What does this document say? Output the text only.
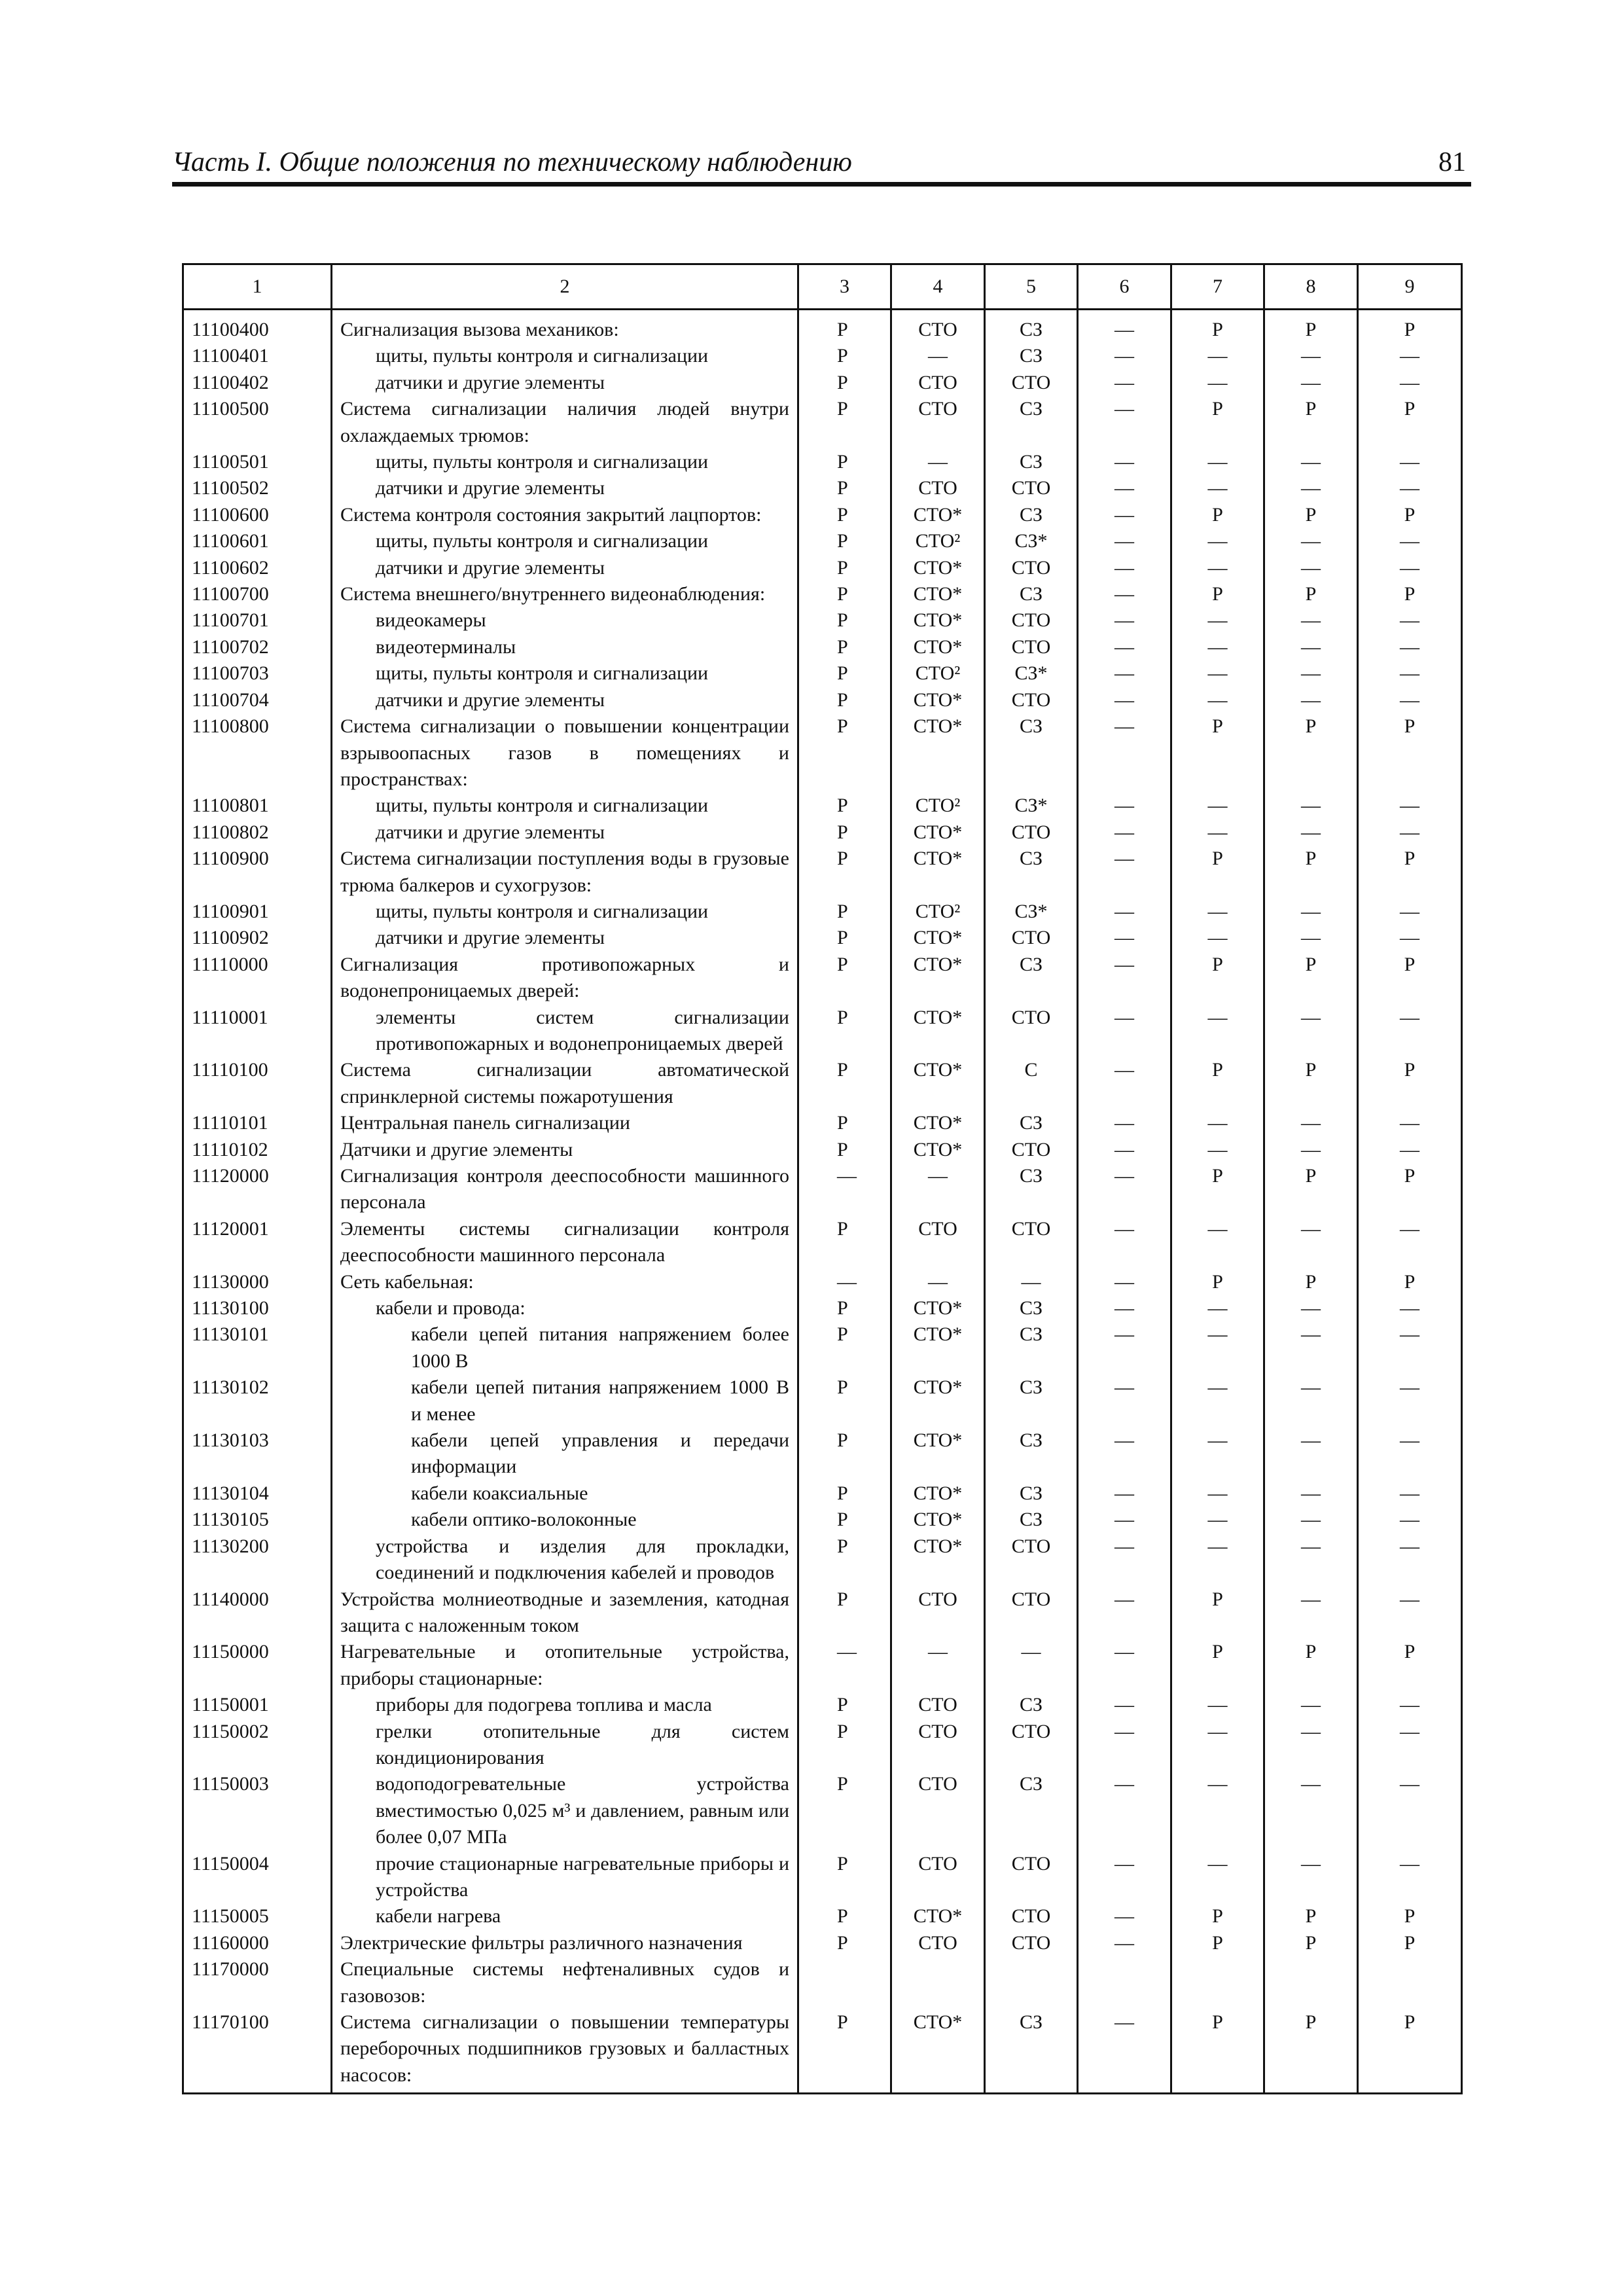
Часть I. Общие положения по техническому наблюдению	81
1	2	3	4	5	6	7	8	9
11100400	Сигнализация вызова механиков:	Р	СТО	СЗ	—	Р	Р	Р
11100401	щиты, пульты контроля и сигнализации	Р	—	СЗ	—	—	—	—
11100402	датчики и другие элементы	Р	СТО	СТО	—	—	—	—
11100500	Система сигнализации наличия людей внутри охлаждаемых трюмов:	Р	СТО	СЗ	—	Р	Р	Р
11100501	щиты, пульты контроля и сигнализации	Р	—	СЗ	—	—	—	—
11100502	датчики и другие элементы	Р	СТО	СТО	—	—	—	—
11100600	Система контроля состояния закрытий лацпортов:	Р	СТО*	СЗ	—	Р	Р	Р
11100601	щиты, пульты контроля и сигнализации	Р	СТО²	СЗ*	—	—	—	—
11100602	датчики и другие элементы	Р	СТО*	СТО	—	—	—	—
11100700	Система внешнего/внутреннего видеонаблюдения:	Р	СТО*	СЗ	—	Р	Р	Р
11100701	видеокамеры	Р	СТО*	СТО	—	—	—	—
11100702	видеотерминалы	Р	СТО*	СТО	—	—	—	—
11100703	щиты, пульты контроля и сигнализации	Р	СТО²	СЗ*	—	—	—	—
11100704	датчики и другие элементы	Р	СТО*	СТО	—	—	—	—
11100800	Система сигнализации о повышении концентрации взрывоопасных газов в помещениях и пространствах:	Р	СТО*	СЗ	—	Р	Р	Р
11100801	щиты, пульты контроля и сигнализации	Р	СТО²	СЗ*	—	—	—	—
11100802	датчики и другие элементы	Р	СТО*	СТО	—	—	—	—
11100900	Система сигнализации поступления воды в грузовые трюма балкеров и сухогрузов:	Р	СТО*	СЗ	—	Р	Р	Р
11100901	щиты, пульты контроля и сигнализации	Р	СТО²	СЗ*	—	—	—	—
11100902	датчики и другие элементы	Р	СТО*	СТО	—	—	—	—
11110000	Сигнализация противопожарных и водонепроницаемых дверей:	Р	СТО*	СЗ	—	Р	Р	Р
11110001	элементы систем сигнализации противопожарных и водонепроницаемых дверей	Р	СТО*	СТО	—	—	—	—
11110100	Система сигнализации автоматической спринклерной системы пожаротушения	Р	СТО*	С	—	Р	Р	Р
11110101	Центральная панель сигнализации	Р	СТО*	СЗ	—	—	—	—
11110102	Датчики и другие элементы	Р	СТО*	СТО	—	—	—	—
11120000	Сигнализация контроля дееспособности машинного персонала	—	—	СЗ	—	Р	Р	Р
11120001	Элементы системы сигнализации контроля дееспособности машинного персонала	Р	СТО	СТО	—	—	—	—
11130000	Сеть кабельная:	—	—	—	—	Р	Р	Р
11130100	кабели и провода:	Р	СТО*	СЗ	—	—	—	—
11130101	кабели цепей питания напряжением более 1000 В	Р	СТО*	СЗ	—	—	—	—
11130102	кабели цепей питания напряжением 1000 В и менее	Р	СТО*	СЗ	—	—	—	—
11130103	кабели цепей управления и передачи информации	Р	СТО*	СЗ	—	—	—	—
11130104	кабели коаксиальные	Р	СТО*	СЗ	—	—	—	—
11130105	кабели оптико-волоконные	Р	СТО*	СЗ	—	—	—	—
11130200	устройства и изделия для прокладки, соединений и подключения кабелей и проводов	Р	СТО*	СТО	—	—	—	—
11140000	Устройства молниеотводные и заземления, катодная защита с наложенным током	Р	СТО	СТО	—	Р	—	—
11150000	Нагревательные и отопительные устройства, приборы стационарные:	—	—	—	—	Р	Р	Р
11150001	приборы для подогрева топлива и масла	Р	СТО	СЗ	—	—	—	—
11150002	грелки отопительные для систем кондиционирования	Р	СТО	СТО	—	—	—	—
11150003	водоподогревательные устройства вместимостью 0,025 м³ и давлением, равным или более 0,07 МПа	Р	СТО	СЗ	—	—	—	—
11150004	прочие стационарные нагревательные приборы и устройства	Р	СТО	СТО	—	—	—	—
11150005	кабели нагрева	Р	СТО*	СТО	—	Р	Р	Р
11160000	Электрические фильтры различного назначения	Р	СТО	СТО	—	Р	Р	Р
11170000	Специальные системы нефтеналивных судов и газовозов:							
11170100	Система сигнализации о повышении температуры переборочных подшипников грузовых и балластных насосов:	Р	СТО*	СЗ	—	Р	Р	Р
